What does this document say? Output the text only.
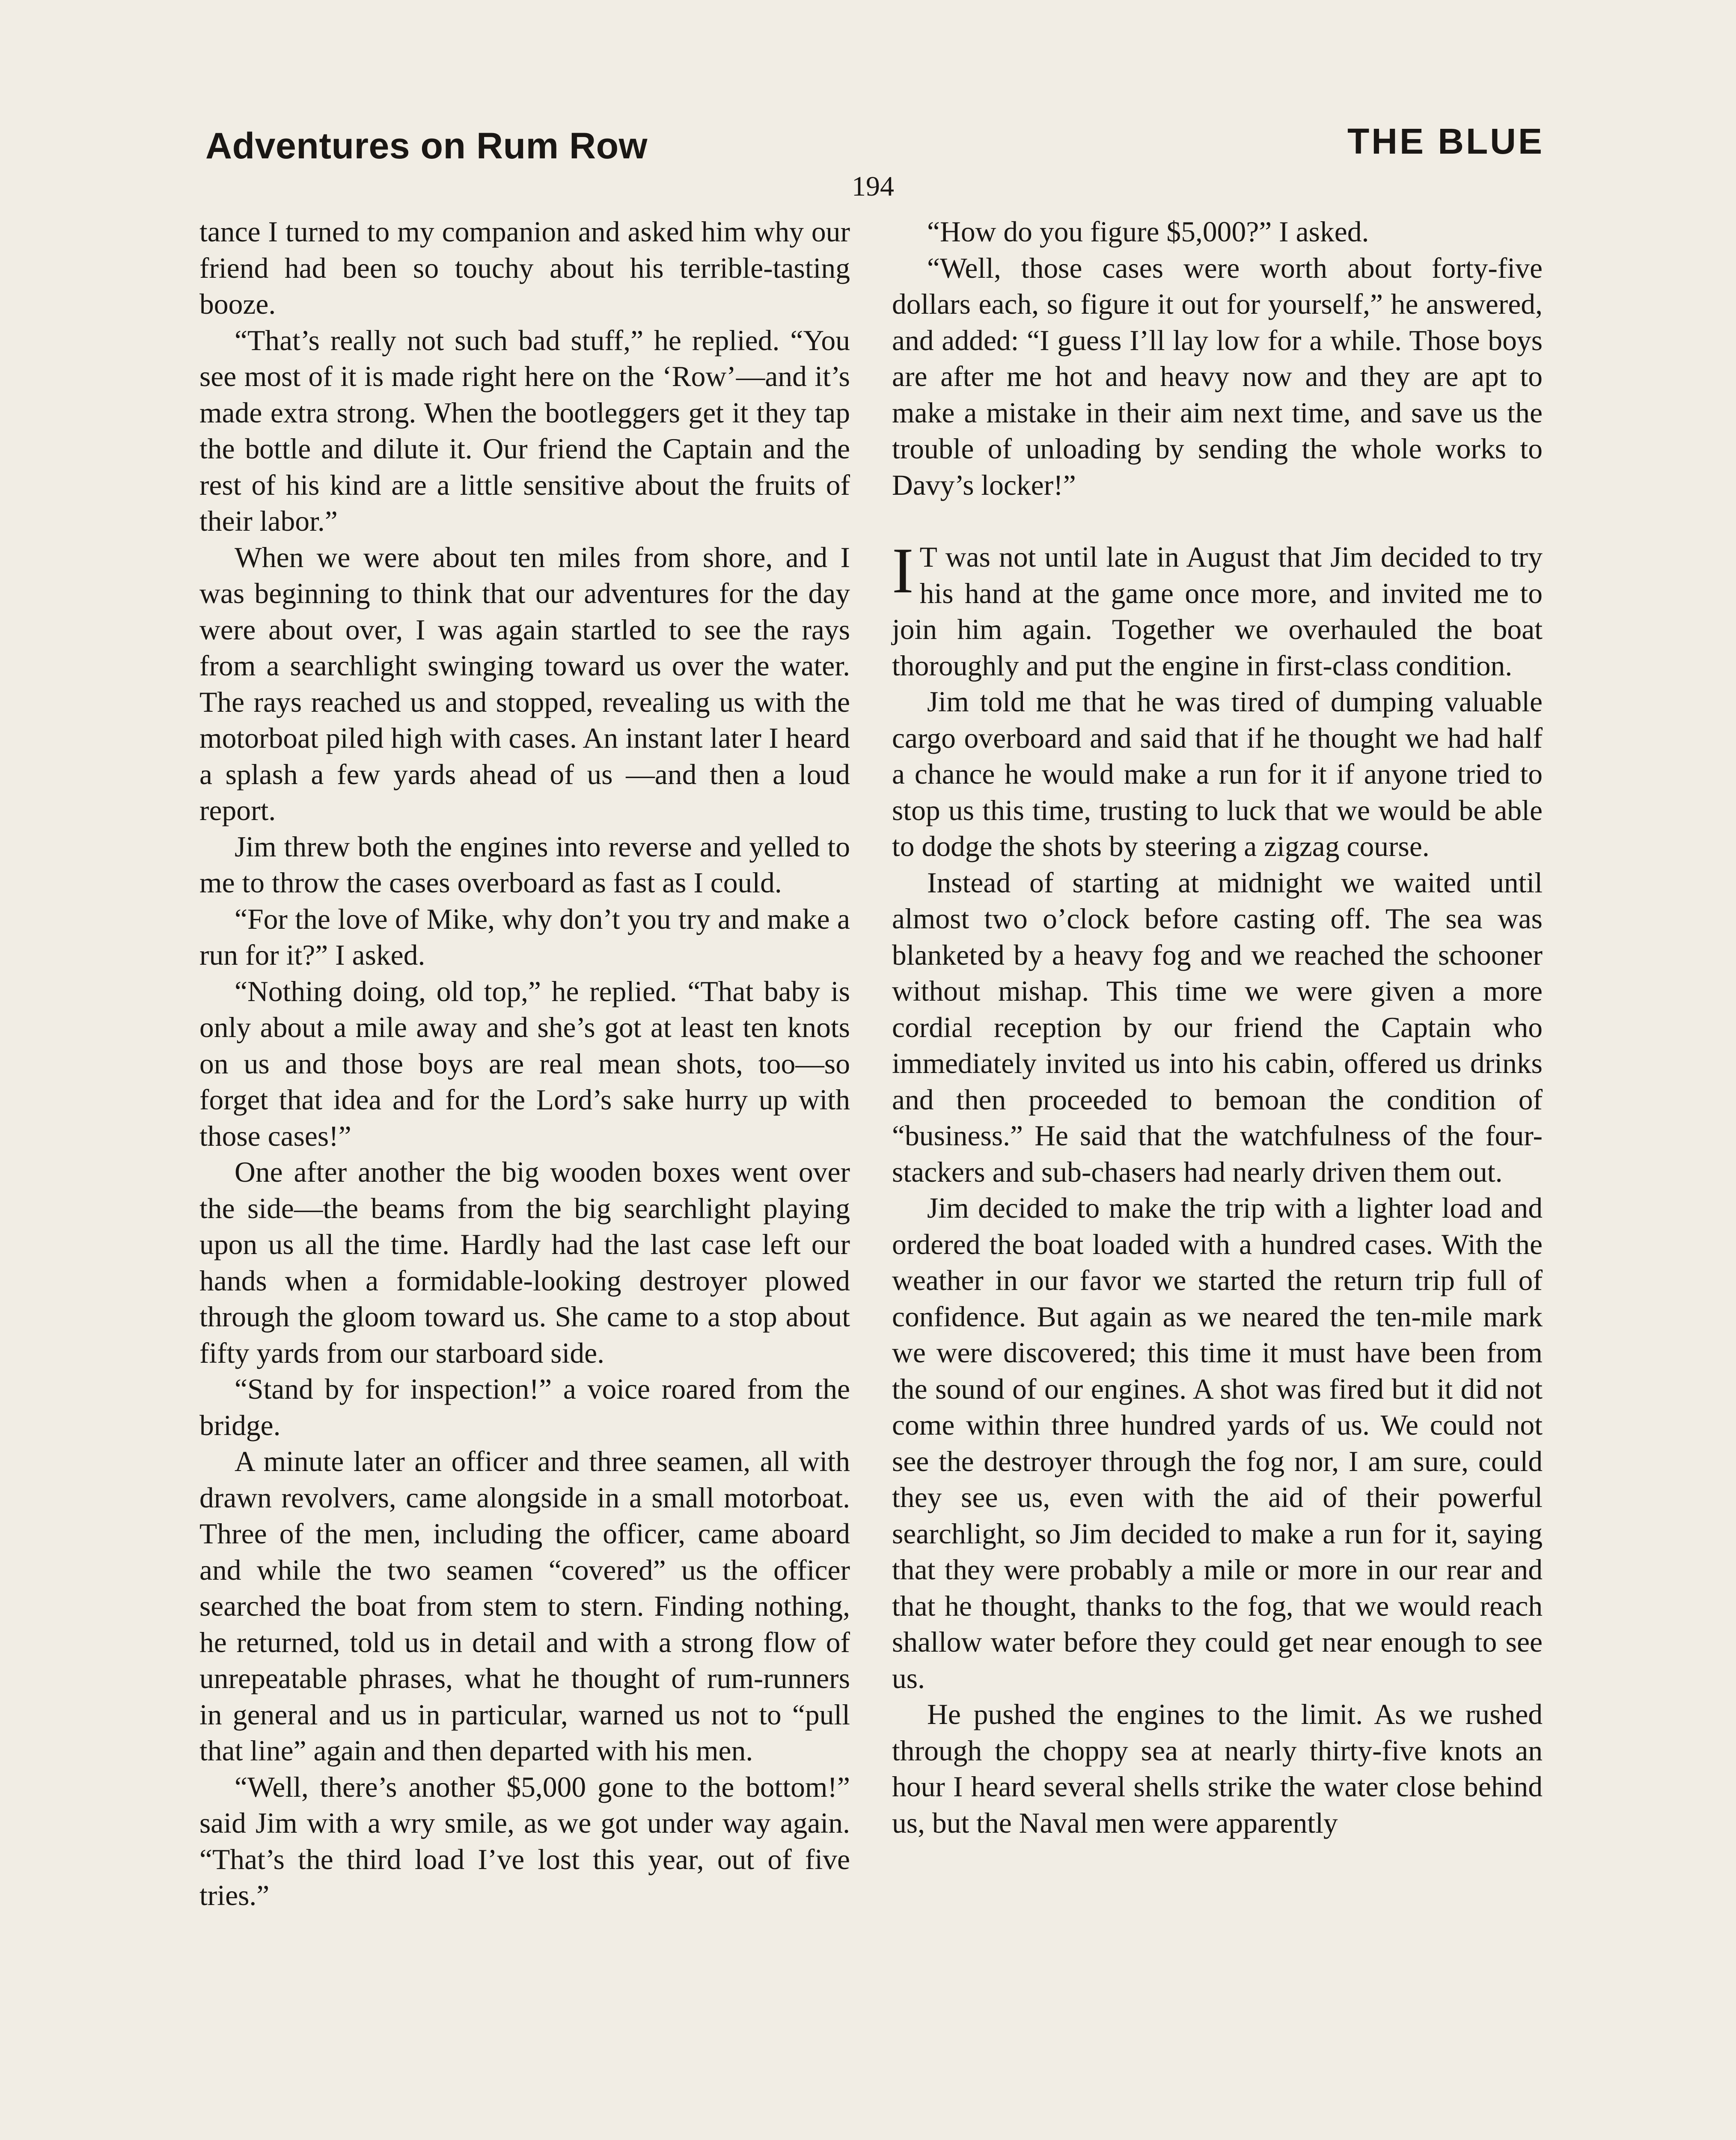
Adventures on Rum Row	THE BLUE
194

tance I turned to my companion and asked him why our friend had been so touchy about his terrible-tasting booze.

“That’s really not such bad stuff,” he replied. “You see most of it is made right here on the ‘Row’—and it’s made extra strong. When the bootleggers get it they tap the bottle and dilute it. Our friend the Captain and the rest of his kind are a little sensitive about the fruits of their labor.”

When we were about ten miles from shore, and I was beginning to think that our adventures for the day were about over, I was again startled to see the rays from a searchlight swinging toward us over the water. The rays reached us and stopped, revealing us with the motorboat piled high with cases. An instant later I heard a splash a few yards ahead of us —and then a loud report.

Jim threw both the engines into reverse and yelled to me to throw the cases overboard as fast as I could.

“For the love of Mike, why don’t you try and make a run for it?” I asked.

“Nothing doing, old top,” he replied. “That baby is only about a mile away and she’s got at least ten knots on us and those boys are real mean shots, too—so forget that idea and for the Lord’s sake hurry up with those cases!”

One after another the big wooden boxes went over the side—the beams from the big searchlight playing upon us all the time. Hardly had the last case left our hands when a formidable-looking destroyer plowed through the gloom toward us. She came to a stop about fifty yards from our starboard side.

“Stand by for inspection!” a voice roared from the bridge.

A minute later an officer and three seamen, all with drawn revolvers, came alongside in a small motorboat. Three of the men, including the officer, came aboard and while the two seamen “covered” us the officer searched the boat from stem to stern. Finding nothing, he returned, told us in detail and with a strong flow of unrepeatable phrases, what he thought of rum-runners in general and us in particular, warned us not to “pull that line” again and then departed with his men.

“Well, there’s another $5,000 gone to the bottom!” said Jim with a wry smile, as we got under way again. “That’s the third load I’ve lost this year, out of five tries.”

“How do you figure $5,000?” I asked.

“Well, those cases were worth about forty-five dollars each, so figure it out for yourself,” he answered, and added: “I guess I’ll lay low for a while. Those boys are after me hot and heavy now and they are apt to make a mistake in their aim next time, and save us the trouble of unloading by sending the whole works to Davy’s locker!”

I T was not until late in August that Jim decided to try his hand at the game once more, and invited me to join him again. Together we overhauled the boat thoroughly and put the engine in first-class condition.

Jim told me that he was tired of dumping valuable cargo overboard and said that if he thought we had half a chance he would make a run for it if anyone tried to stop us this time, trusting to luck that we would be able to dodge the shots by steering a zigzag course.

Instead of starting at midnight we waited until almost two o’clock before casting off. The sea was blanketed by a heavy fog and we reached the schooner without mishap. This time we were given a more cordial reception by our friend the Captain who immediately invited us into his cabin, offered us drinks and then proceeded to bemoan the condition of “business.” He said that the watchfulness of the four-stackers and sub-chasers had nearly driven them out.

Jim decided to make the trip with a lighter load and ordered the boat loaded with a hundred cases. With the weather in our favor we started the return trip full of confidence. But again as we neared the ten-mile mark we were discovered; this time it must have been from the sound of our engines. A shot was fired but it did not come within three hundred yards of us. We could not see the destroyer through the fog nor, I am sure, could they see us, even with the aid of their powerful searchlight, so Jim decided to make a run for it, saying that they were probably a mile or more in our rear and that he thought, thanks to the fog, that we would reach shallow water before they could get near enough to see us.

He pushed the engines to the limit. As we rushed through the choppy sea at nearly thirty-five knots an hour I heard several shells strike the water close behind us, but the Naval men were apparently
